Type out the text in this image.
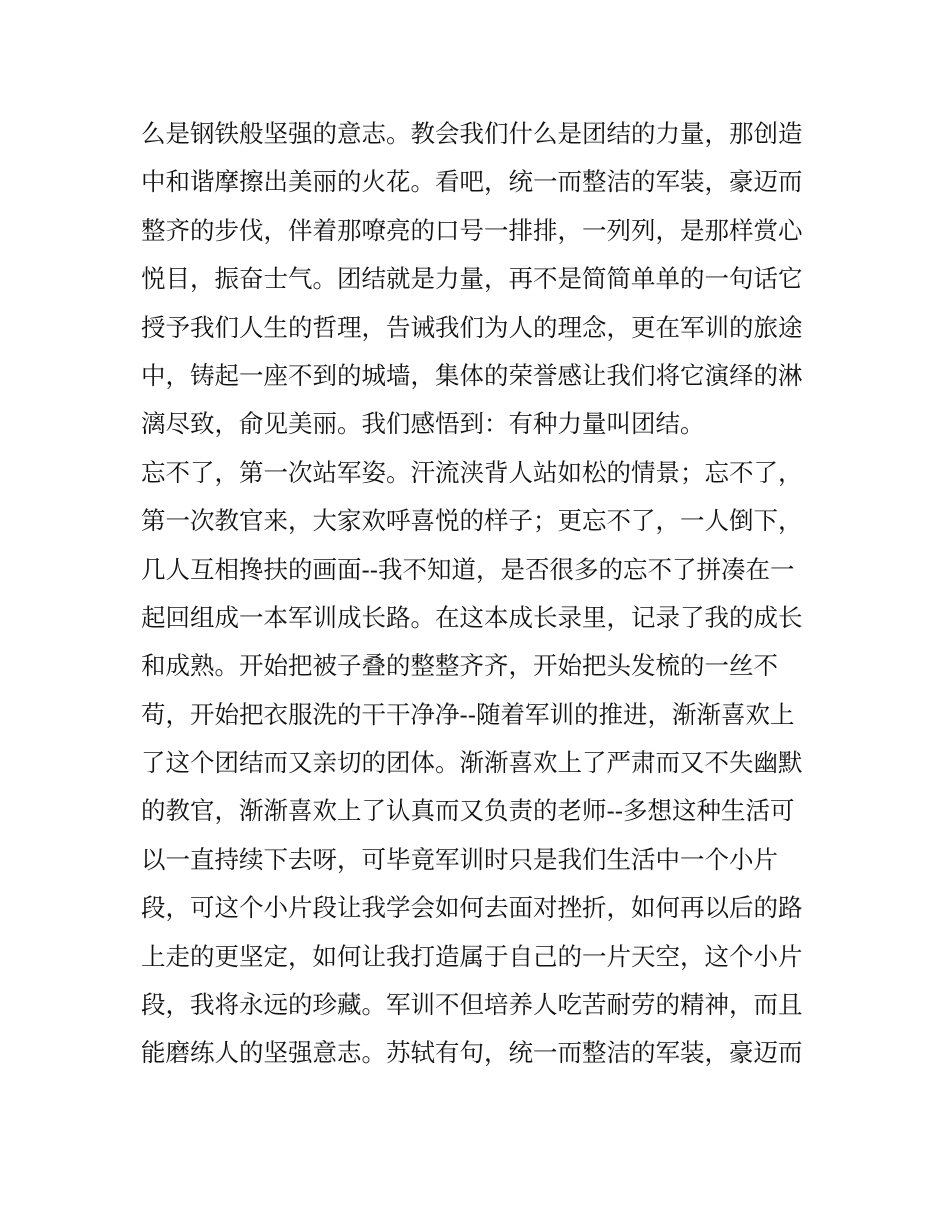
么是钢铁般坚强的意志。教会我们什么是团结的力量，那创造
中和谐摩擦出美丽的火花。看吧，统一而整洁的军装，豪迈而
整齐的步伐，伴着那嘹亮的口号一排排，一列列，是那样赏心
悦目，振奋士气。团结就是力量，再不是简简单单的一句话它
授予我们人生的哲理，告诫我们为人的理念，更在军训的旅途
中，铸起一座不到的城墙，集体的荣誉感让我们将它演绎的淋
漓尽致，俞见美丽。我们感悟到：有种力量叫团结。
忘不了，第一次站军姿。汗流浃背人站如松的情景；忘不了，
第一次教官来，大家欢呼喜悦的样子；更忘不了，一人倒下，
几人互相搀扶的画面--我不知道，是否很多的忘不了拼凑在一
起回组成一本军训成长路。在这本成长录里，记录了我的成长
和成熟。开始把被子叠的整整齐齐，开始把头发梳的一丝不
苟，开始把衣服洗的干干净净--随着军训的推进，渐渐喜欢上
了这个团结而又亲切的团体。渐渐喜欢上了严肃而又不失幽默
的教官，渐渐喜欢上了认真而又负责的老师--多想这种生活可
以一直持续下去呀，可毕竟军训时只是我们生活中一个小片
段，可这个小片段让我学会如何去面对挫折，如何再以后的路
上走的更坚定，如何让我打造属于自己的一片天空，这个小片
段，我将永远的珍藏。军训不但培养人吃苦耐劳的精神，而且
能磨练人的坚强意志。苏轼有句，统一而整洁的军装，豪迈而
